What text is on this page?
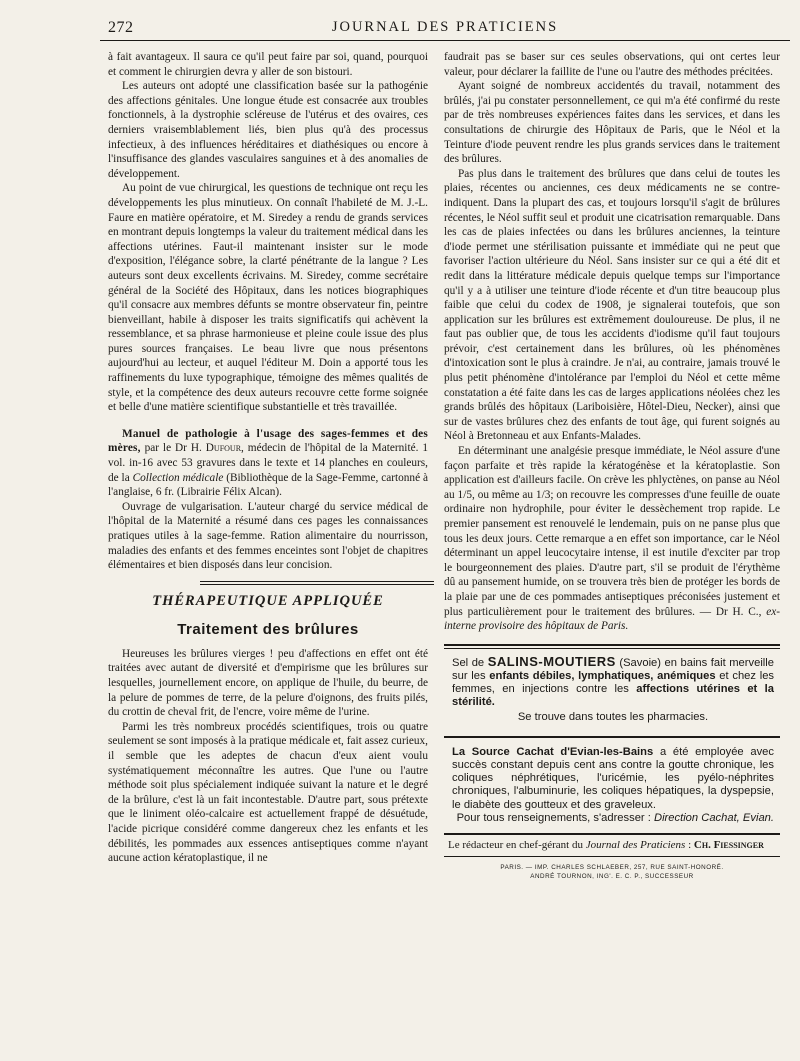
272	JOURNAL DES PRATICIENS

à fait avantageux. Il saura ce qu'il peut faire par soi, quand, pourquoi et comment le chirurgien devra y aller de son bistouri.

Les auteurs ont adopté une classification basée sur la pathogénie des affections génitales. Une longue étude est consacrée aux troubles fonctionnels, à la dystrophie scléreuse de l'utérus et des ovaires, ces derniers vraisemblablement liés, bien plus qu'à des processus infectieux, à des influences héréditaires et diathésiques ou encore à l'insuffisance des glandes vasculaires sanguines et à des anomalies de développement.

Au point de vue chirurgical, les questions de technique ont reçu les développements les plus minutieux. On connaît l'habileté de M. J.-L. Faure en matière opératoire, et M. Siredey a rendu de grands services en montrant depuis longtemps la valeur du traitement médical dans les affections utérines. Faut-il maintenant insister sur le mode d'exposition, l'élégance sobre, la clarté pénétrante de la langue ? Les auteurs sont deux excellents écrivains. M. Siredey, comme secrétaire général de la Société des Hôpitaux, dans les notices biographiques qu'il consacre aux membres défunts se montre observateur fin, peintre bienveillant, habile à disposer les traits significatifs qui achèvent la ressemblance, et sa phrase harmonieuse et pleine coule issue des plus pures sources françaises. Le beau livre que nous présentons aujourd'hui au lecteur, et auquel l'éditeur M. Doin a apporté tous les raffinements du luxe typographique, témoigne des mêmes qualités de style, et la compétence des deux auteurs recouvre cette forme soignée et belle d'une matière scientifique substantielle et très travaillée.

Manuel de pathologie à l'usage des sages-femmes et des mères, par le Dr H. Dufour, médecin de l'hôpital de la Maternité. 1 vol. in-16 avec 53 gravures dans le texte et 14 planches en couleurs, de la Collection médicale (Bibliothèque de la Sage-Femme, cartonné à l'anglaise, 6 fr. (Librairie Félix Alcan).

Ouvrage de vulgarisation. L'auteur chargé du service médical de l'hôpital de la Maternité a résumé dans ces pages les connaissances pratiques utiles à la sage-femme. Ration alimentaire du nourrisson, maladies des enfants et des femmes enceintes sont l'objet de chapitres élémentaires et bien disposés dans leur concision.

THÉRAPEUTIQUE APPLIQUÉE
Traitement des brûlures

Heureuses les brûlures vierges ! peu d'affections en effet ont été traitées avec autant de diversité et d'empirisme que les brûlures sur lesquelles, journellement encore, on applique de l'huile, du beurre, de la pelure de pommes de terre, de la pelure d'oignons, des fruits pilés, du crottin de cheval frit, de l'encre, voire même de l'urine.

Parmi les très nombreux procédés scientifiques, trois ou quatre seulement se sont imposés à la pratique médicale et, fait assez curieux, il semble que les adeptes de chacun d'eux aient voulu systématiquement méconnaître les autres. Que l'une ou l'autre méthode soit plus spécialement indiquée suivant la nature et le degré de la brûlure, c'est là un fait incontestable. D'autre part, sous prétexte que le liniment oléo-calcaire est actuellement frappé de désuétude, l'acide picrique considéré comme dangereux chez les enfants et les débilités, les pommades aux essences antiseptiques comme n'ayant aucune action kératoplastique, il ne

faudrait pas se baser sur ces seules observations, qui ont certes leur valeur, pour déclarer la faillite de l'une ou l'autre des méthodes précitées.

Ayant soigné de nombreux accidentés du travail, notamment des brûlés, j'ai pu constater personnellement, ce qui m'a été confirmé du reste par de très nombreuses expériences faites dans les services, et dans les consultations de chirurgie des Hôpitaux de Paris, que le Néol et la Teinture d'iode peuvent rendre les plus grands services dans le traitement des brûlures.

Pas plus dans le traitement des brûlures que dans celui de toutes les plaies, récentes ou anciennes, ces deux médicaments ne se contre-indiquent. Dans la plupart des cas, et toujours lorsqu'il s'agit de brûlures récentes, le Néol suffit seul et produit une cicatrisation remarquable. Dans les cas de plaies infectées ou dans les brûlures anciennes, la teinture d'iode permet une stérilisation puissante et immédiate qui ne peut que favoriser l'action ultérieure du Néol. Sans insister sur ce qui a été dit et redit dans la littérature médicale depuis quelque temps sur l'importance qu'il y a à utiliser une teinture d'iode récente et d'un titre beaucoup plus faible que celui du codex de 1908, je signalerai toutefois, que son application sur les brûlures est extrêmement douloureuse. De plus, il ne faut pas oublier que, de tous les accidents d'iodisme qu'il faut toujours prévoir, c'est certainement dans les brûlures, où les phénomènes d'intoxication sont le plus à craindre. Je n'ai, au contraire, jamais trouvé le plus petit phénomène d'intolérance par l'emploi du Néol et cette même constatation a été faite dans les cas de larges applications néolées chez les grands brûlés des hôpitaux (Lariboisière, Hôtel-Dieu, Necker), ainsi que sur de vastes brûlures chez des enfants de tout âge, qui furent soignés au Néol à Bretonneau et aux Enfants-Malades.

En déterminant une analgésie presque immédiate, le Néol assure d'une façon parfaite et très rapide la kératogénèse et la kératoplastie. Son application est d'ailleurs facile. On crève les phlyctènes, on panse au Néol au 1/5, ou même au 1/3; on recouvre les compresses d'une feuille de ouate ordinaire non hydrophile, pour éviter le dessèchement trop rapide. Le premier pansement est renouvelé le lendemain, puis on ne panse plus que tous les deux jours. Cette remarque a en effet son importance, car le Néol déterminant un appel leucocytaire intense, il est inutile d'exciter par trop le bourgeonnement des plaies. D'autre part, s'il se produit de l'érythème dû au pansement humide, on se trouvera très bien de protéger les bords de la plaie par une de ces pommades antiseptiques préconisées justement et plus particulièrement pour le traitement des brûlures. — Dr H. C., ex-interne provisoire des hôpitaux de Paris.

Sel de SALINS-MOUTIERS (Savoie) en bains fait merveille sur les enfants débiles, lymphatiques, anémiques et chez les femmes, en injections contre les affections utérines et la stérilité.

Se trouve dans toutes les pharmacies.

La Source Cachat d'Evian-les-Bains a été employée avec succès constant depuis cent ans contre la goutte chronique, les coliques néphrétiques, l'uricémie, les pyélo-néphrites chroniques, l'albuminurie, les coliques hépatiques, la dyspepsie, le diabète des goutteux et des graveleux.

Pour tous renseignements, s'adresser : Direction Cachat, Evian.

Le rédacteur en chef-gérant du Journal des Praticiens : Ch. Fiessinger
PARIS. — IMP. CHARLES SCHLAEBER, 257, RUE SAINT-HONORÉ.
ANDRÉ TOURNON, ING'. E. C. P., SUCCESSEUR
